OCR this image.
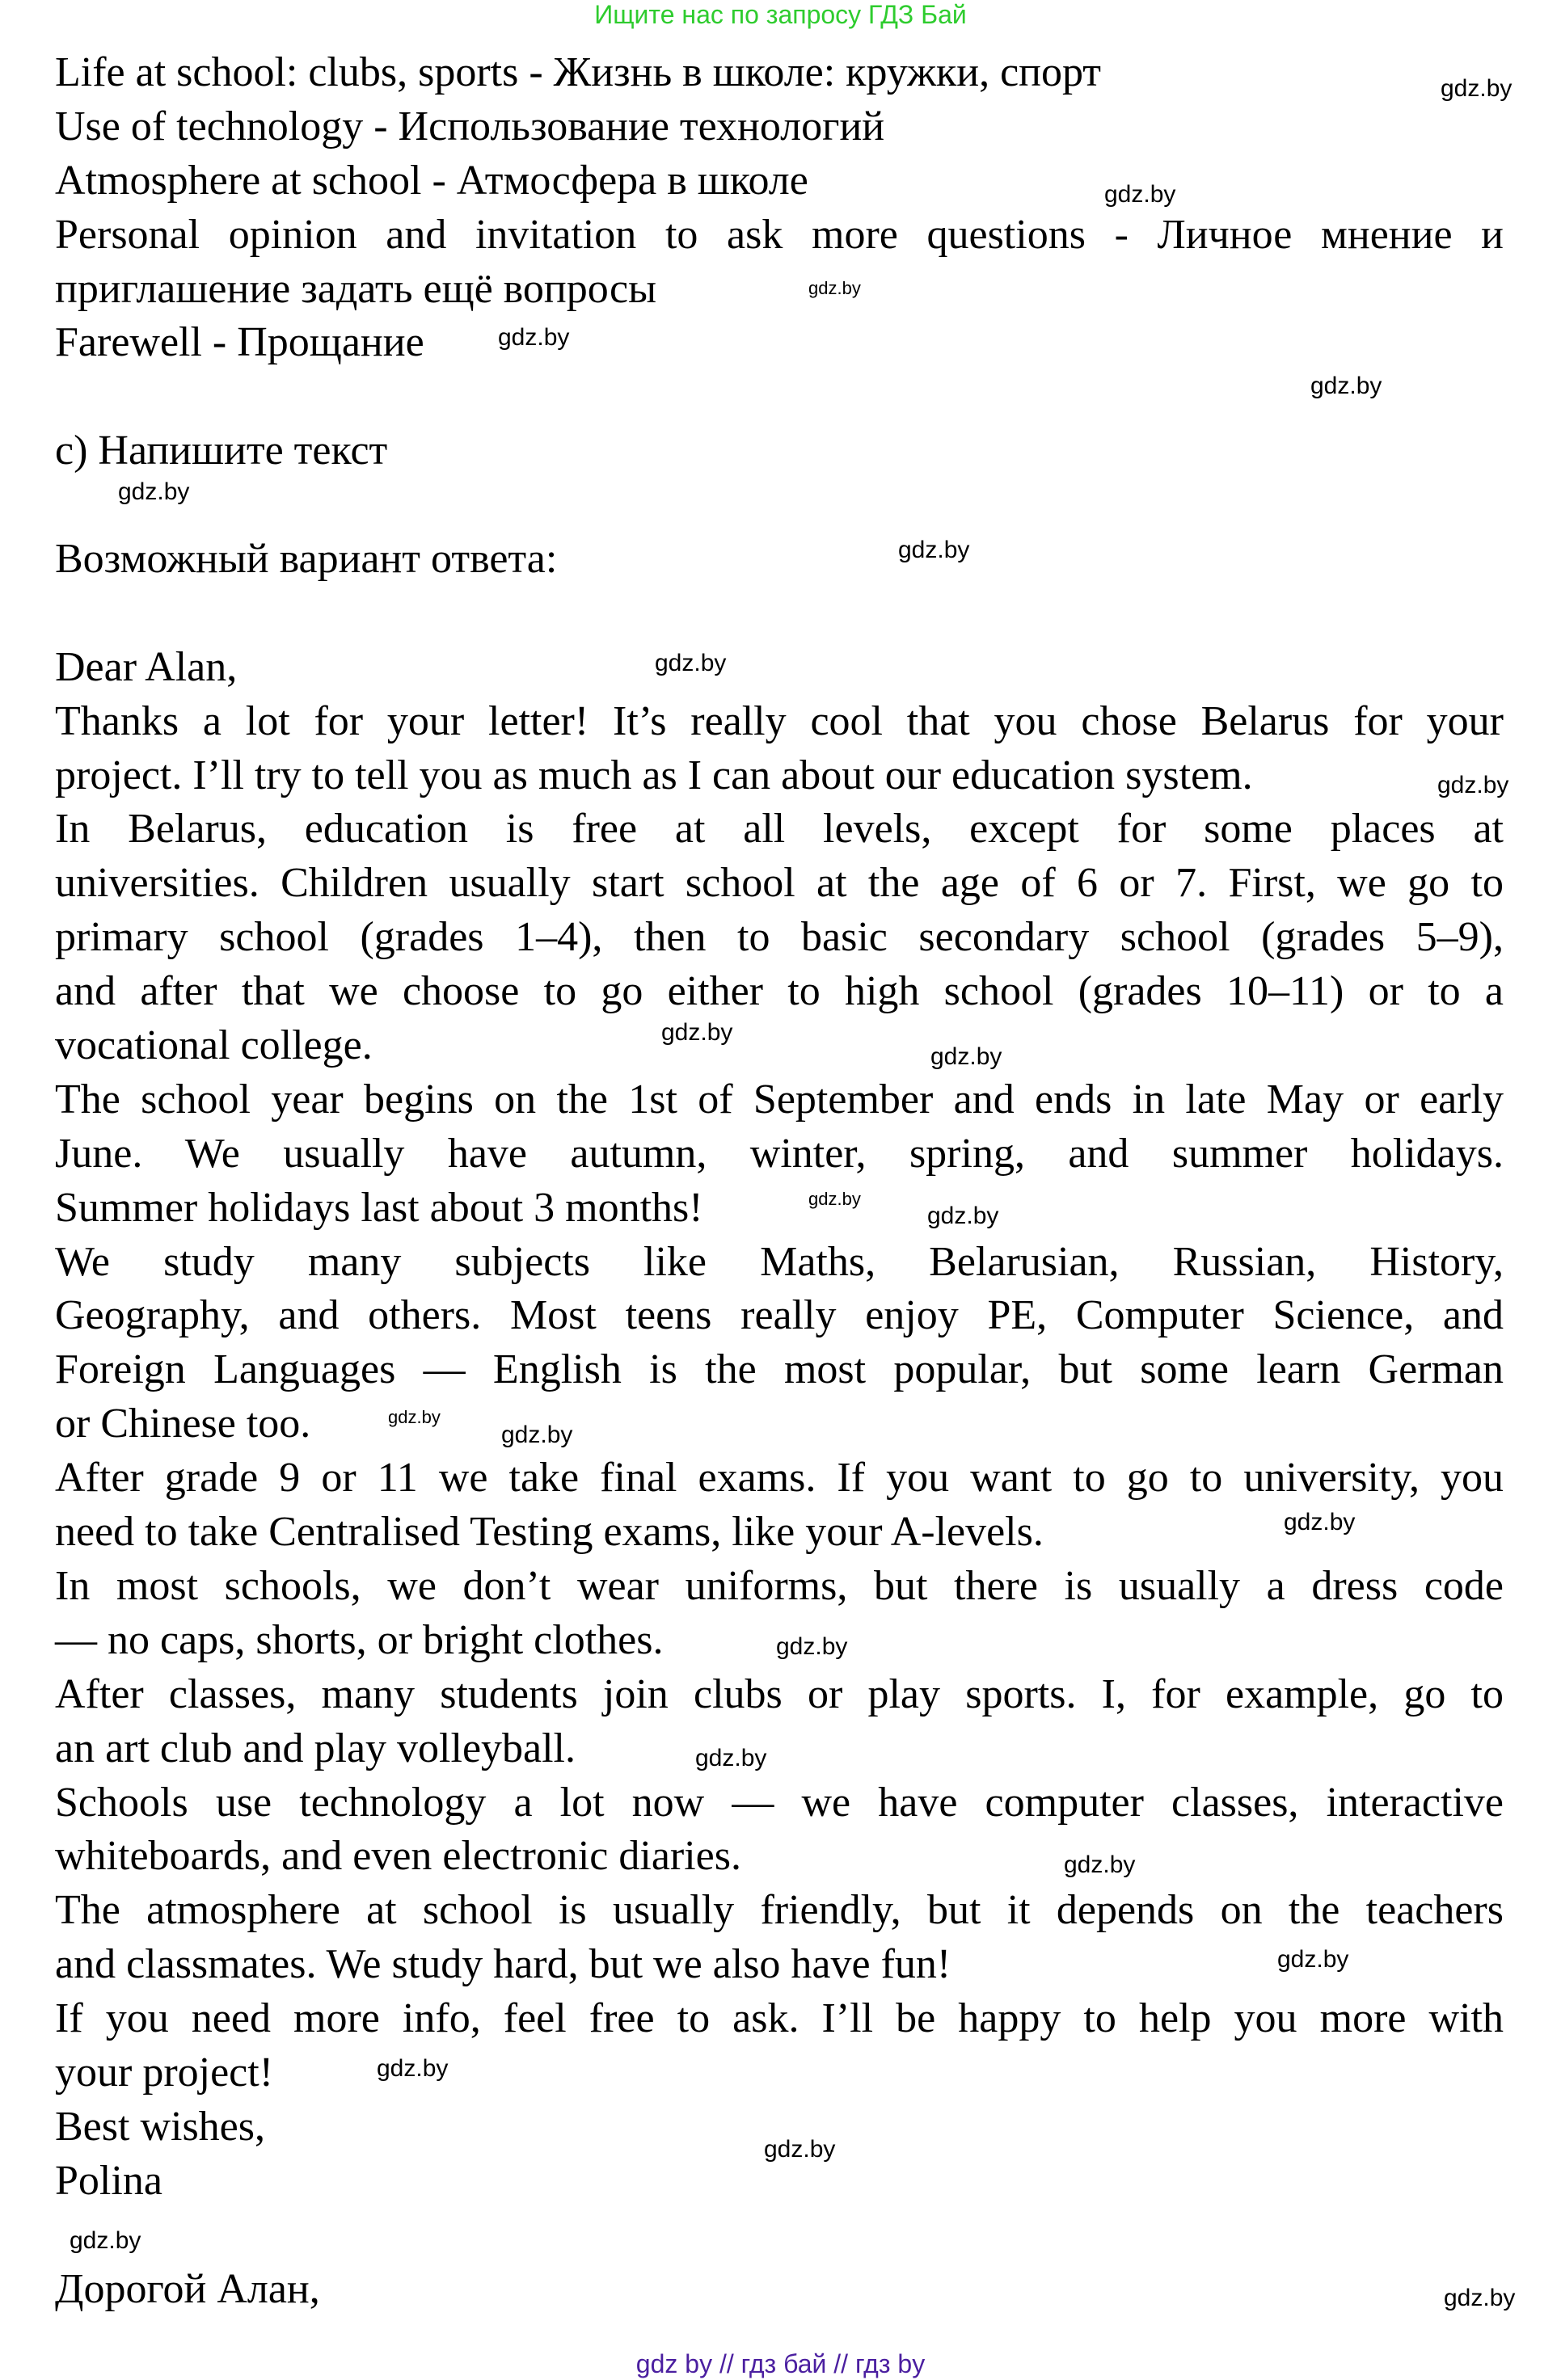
Ищите нас по запросу ГДЗ Бай
Life at school: clubs, sports - Жизнь в школе: кружки, спорт
Use of technology - Использование технологий
Atmosphere at school - Атмосфера в школе
Personal opinion and invitation to ask more questions - Личное мнение и
приглашение задать ещё вопросы
Farewell - Прощание
c) Напишите текст
Возможный вариант ответа:
Dear Alan,
Thanks a lot for your letter! It’s really cool that you chose Belarus for your
project. I’ll try to tell you as much as I can about our education system.
In Belarus, education is free at all levels, except for some places at
universities. Children usually start school at the age of 6 or 7. First, we go to
primary school (grades 1–4), then to basic secondary school (grades 5–9),
and after that we choose to go either to high school (grades 10–11) or to a
vocational college.
The school year begins on the 1st of September and ends in late May or early
June. We usually have autumn, winter, spring, and summer holidays.
Summer holidays last about 3 months!
We study many subjects like Maths, Belarusian, Russian, History,
Geography, and others. Most teens really enjoy PE, Computer Science, and
Foreign Languages — English is the most popular, but some learn German
or Chinese too.
After grade 9 or 11 we take final exams. If you want to go to university, you
need to take Centralised Testing exams, like your A-levels.
In most schools, we don’t wear uniforms, but there is usually a dress code
— no caps, shorts, or bright clothes.
After classes, many students join clubs or play sports. I, for example, go to
an art club and play volleyball.
Schools use technology a lot now — we have computer classes, interactive
whiteboards, and even electronic diaries.
The atmosphere at school is usually friendly, but it depends on the teachers
and classmates. We study hard, but we also have fun!
If you need more info, feel free to ask. I’ll be happy to help you more with
your project!
Best wishes,
Polina
Дорогой Алан,
gdz.by
gdz.by
gdz.by
gdz.by
gdz.by
gdz.by
gdz.by
gdz.by
gdz.by
gdz.by
gdz.by
gdz.by
gdz.by
gdz.by
gdz.by
gdz.by
gdz.by
gdz.by
gdz.by
gdz.by
gdz.by
gdz.by
gdz.by
gdz.by
gdz by // гдз бай // гдз by
